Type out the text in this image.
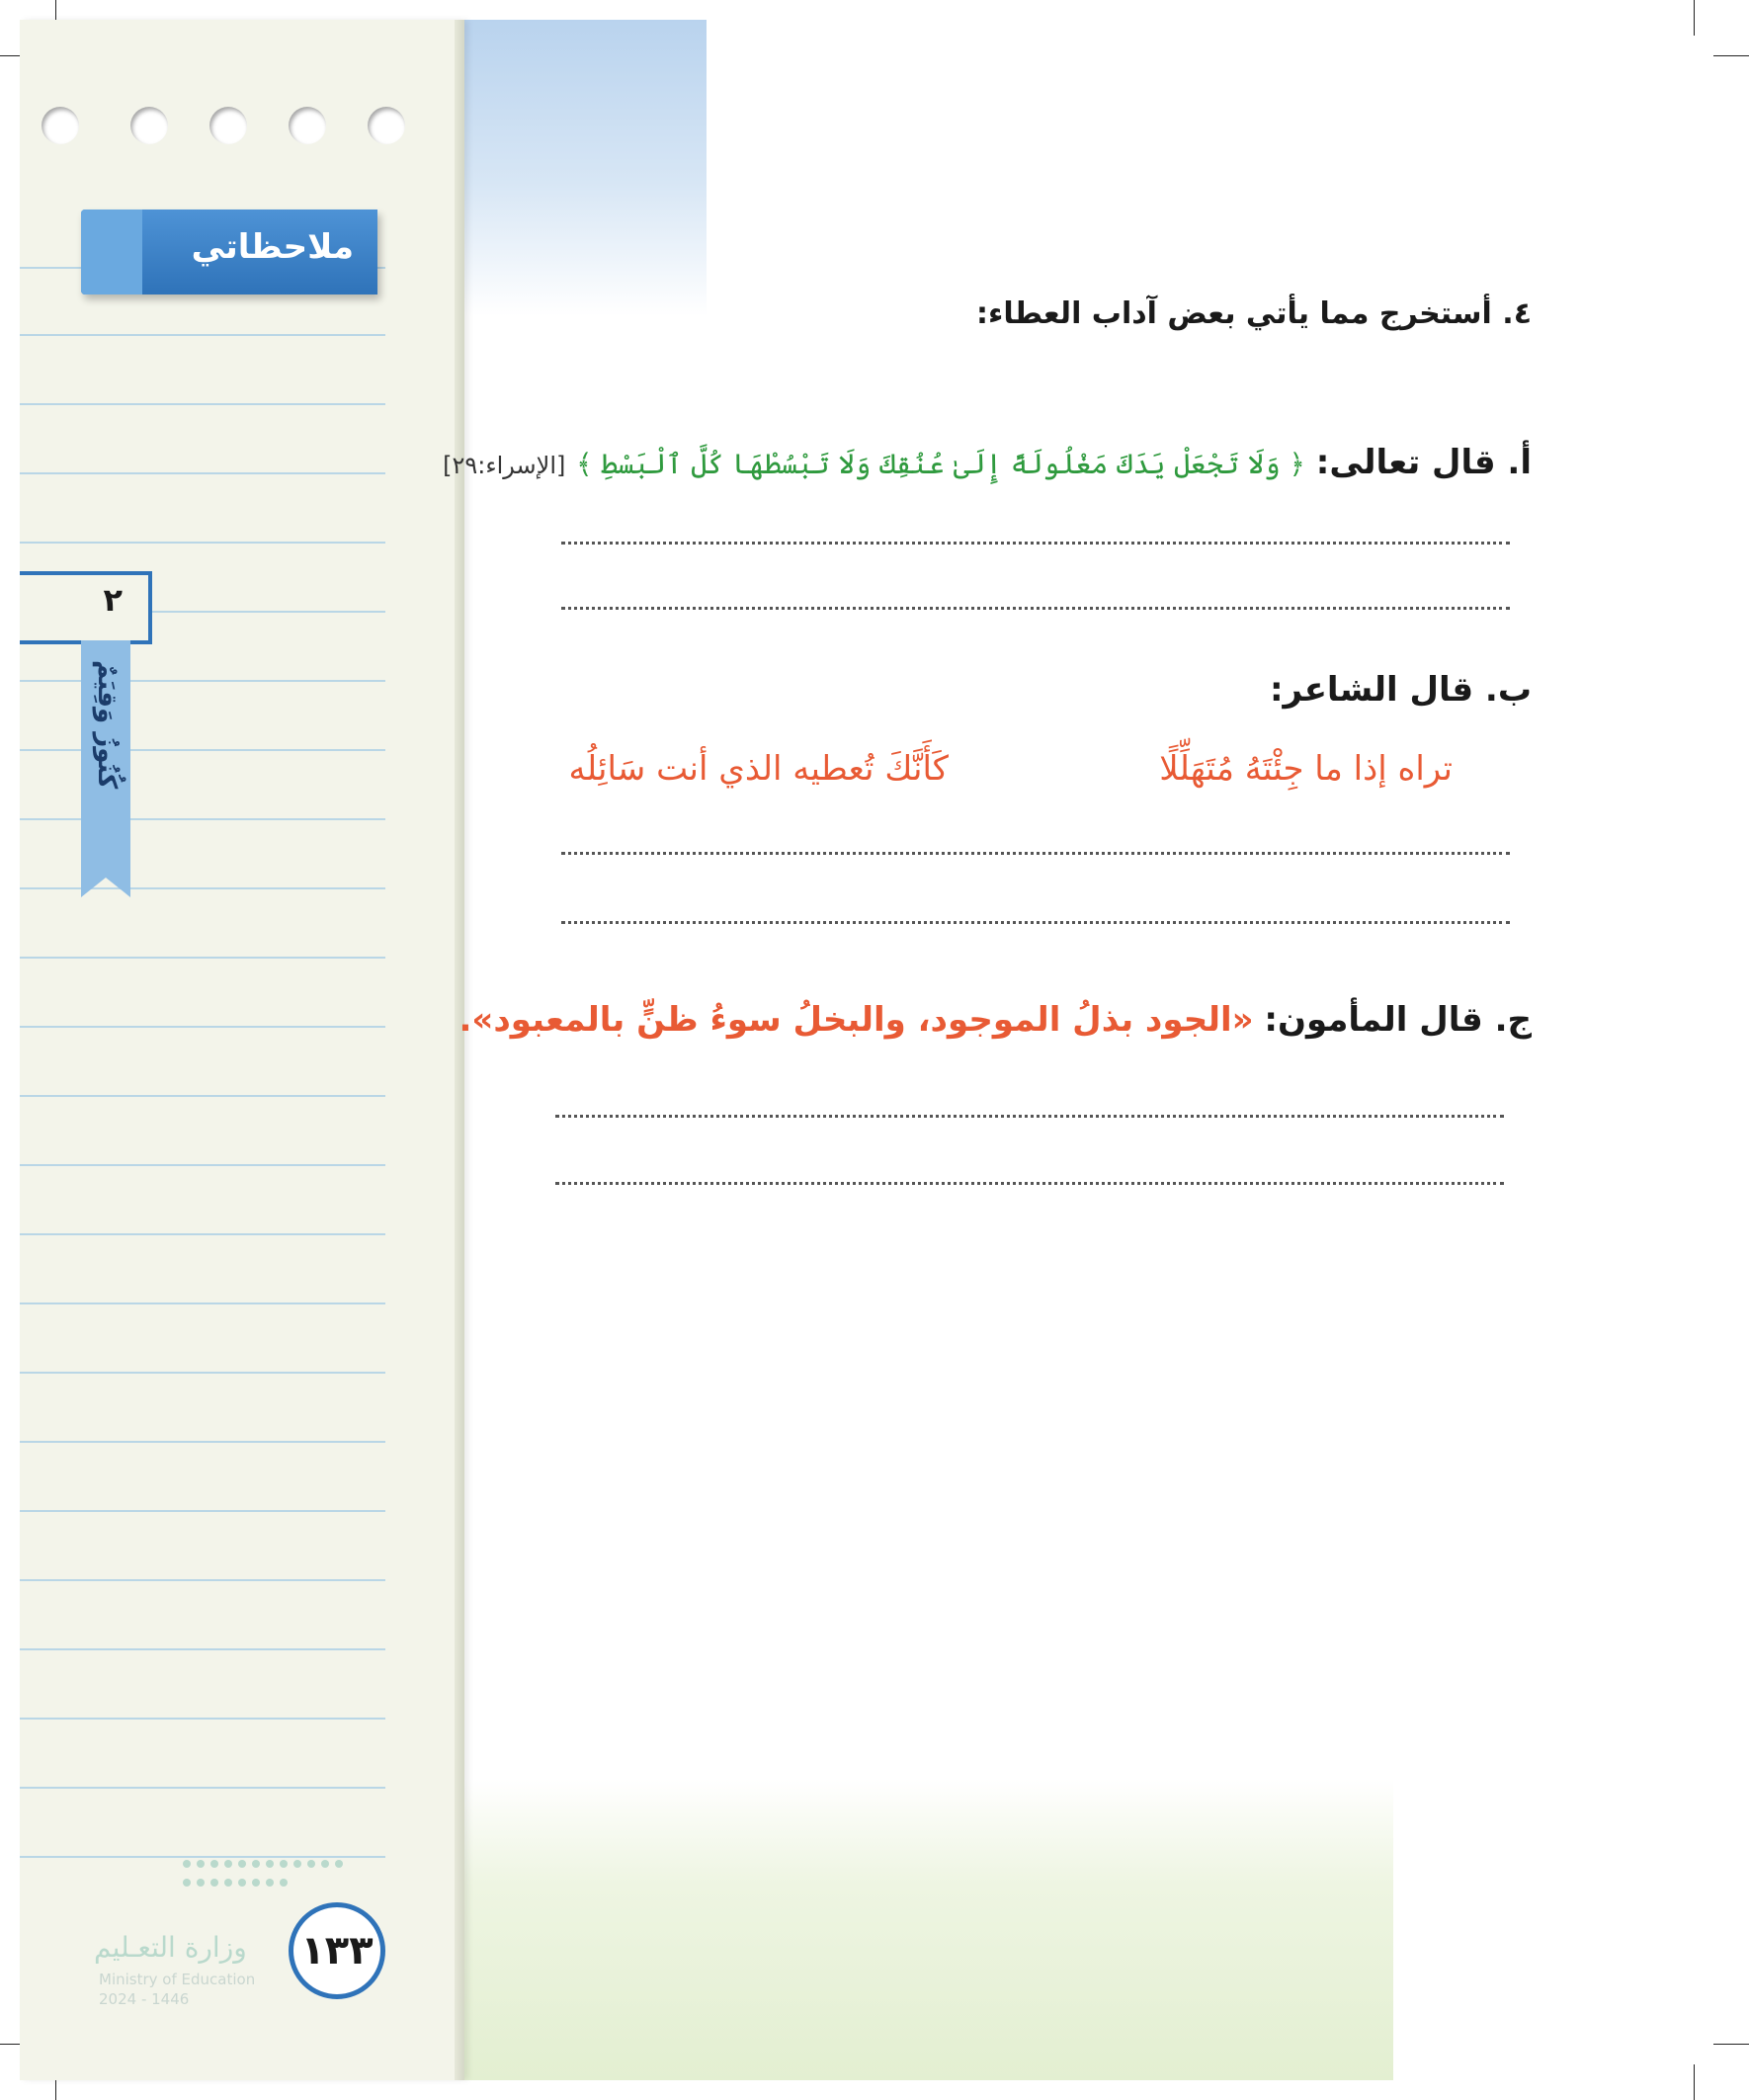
ملاحظاتي
٢
كُنُوزُ وَقِيَمٌ

١٣٣
وزارة التعـليم
Ministry of Education
2024 - 1446
٤. أستخرج مما يأتي بعض آداب العطاء:
أ. قال تعالى: ﴿ وَلَا تَجْعَلْ يَدَكَ مَغْلُولَةً إِلَىٰ عُنُقِكَ وَلَا تَبْسُطْهَا كُلَّ ٱلْبَسْطِ ﴾ [الإسراء:٢٩]
ب. قال الشاعر:
تراه إذا ما جِئْتَهُ مُتَهَلِّلًا
كَأَنَّكَ تُعطيه الذي أنت سَائِلُه
ج. قال المأمون: «الجود بذلُ الموجود، والبخلُ سوءُ ظنٍّ بالمعبود».
